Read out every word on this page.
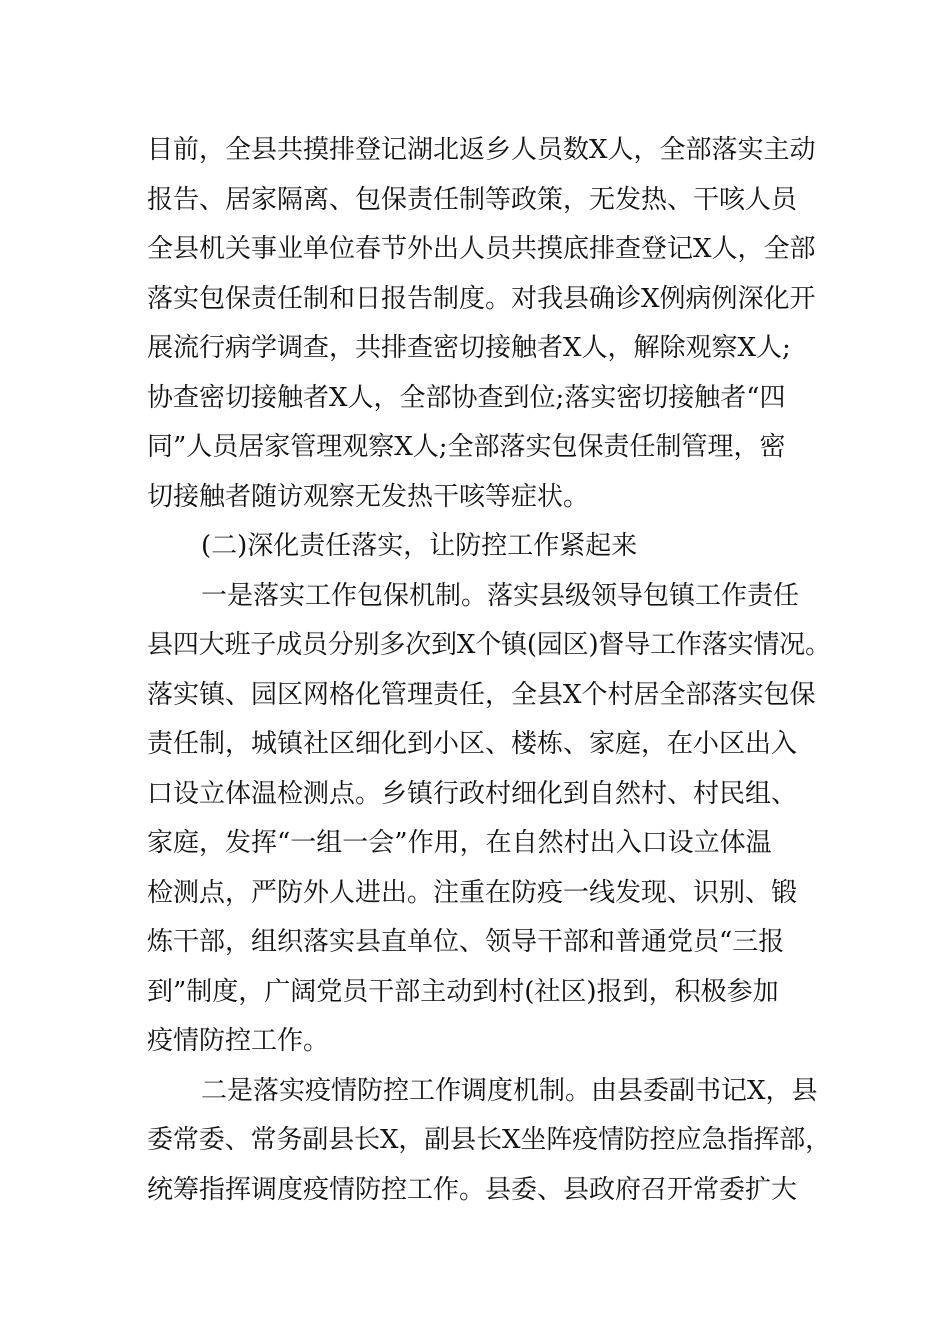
目前，全县共摸排登记湖北返乡人员数X人，全部落实主动
报告、居家隔离、包保责任制等政策，无发热、干咳人员
全县机关事业单位春节外出人员共摸底排查登记X人，全部
落实包保责任制和日报告制度。对我县确诊X例病例深化开
展流行病学调查，共排查密切接触者X人，解除观察X人;
协查密切接触者X人，全部协查到位;落实密切接触者“四
同”人员居家管理观察X人;全部落实包保责任制管理，密
切接触者随访观察无发热干咳等症状。
(二)深化责任落实，让防控工作紧起来
一是落实工作包保机制。落实县级领导包镇工作责任
县四大班子成员分别多次到X个镇(园区)督导工作落实情况。
落实镇、园区网格化管理责任，全县X个村居全部落实包保
责任制，城镇社区细化到小区、楼栋、家庭，在小区出入
口设立体温检测点。乡镇行政村细化到自然村、村民组、
家庭，发挥“一组一会”作用，在自然村出入口设立体温
检测点，严防外人进出。注重在防疫一线发现、识别、锻
炼干部，组织落实县直单位、领导干部和普通党员“三报
到”制度，广阔党员干部主动到村(社区)报到，积极参加
疫情防控工作。
二是落实疫情防控工作调度机制。由县委副书记X，县
委常委、常务副县长X，副县长X坐阵疫情防控应急指挥部，
统筹指挥调度疫情防控工作。县委、县政府召开常委扩大
